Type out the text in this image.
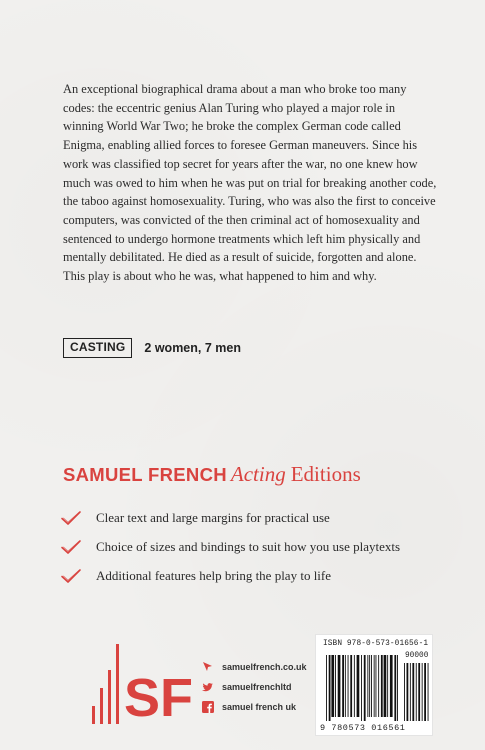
An exceptional biographical drama about a man who broke too many codes: the eccentric genius Alan Turing who played a major role in winning World War Two; he broke the complex German code called Enigma, enabling allied forces to foresee German maneuvers. Since his work was classified top secret for years after the war, no one knew how much was owed to him when he was put on trial for breaking another code, the taboo against homosexuality. Turing, who was also the first to conceive computers, was convicted of the then criminal act of homosexuality and sentenced to undergo hormone treatments which left him physically and mentally debilitated. He died as a result of suicide, forgotten and alone. This play is about who he was, what happened to him and why.

CASTING	2 women, 7 men
SAMUEL FRENCH Acting Editions
Clear text and large margins for practical use
Choice of sizes and bindings to suit how you use playtexts
Additional features help bring the play to life
SF
samuelfrench.co.uk
samuelfrenchltd
samuel french uk
ISBN 978-0-573-01656-1
90000
9 780573 016561
